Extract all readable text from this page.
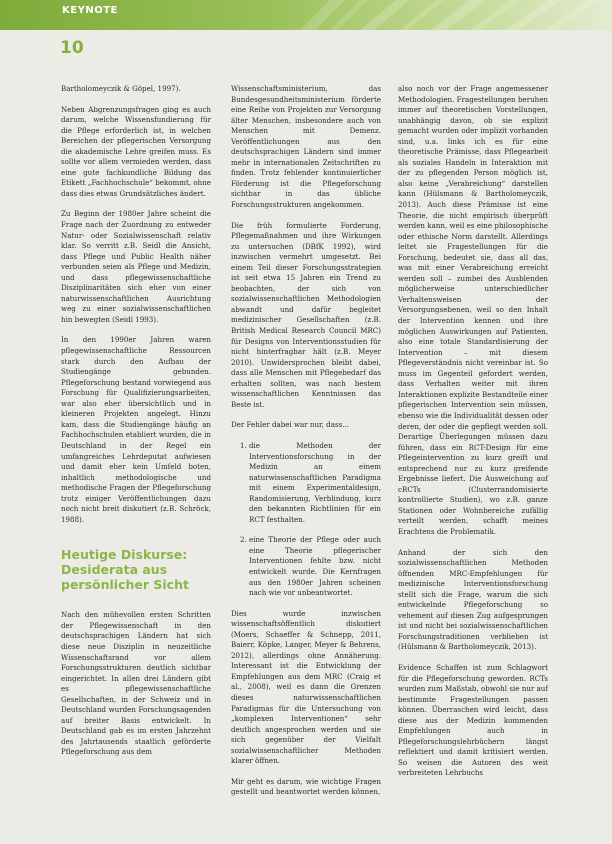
KEYNOTE
10

Bartholomeyczik & Göpel, 1997).

Neben Abgrenzungsfragen ging es auch darum, welche Wissensfundierung für die Pflege erforderlich ist, in welchen Bereichen der pflegerischen Versorgung die akademische Lehre greifen muss. Es sollte vor allem vermieden werden, dass eine gute fachkundliche Bildung das Etikett „Fachhochschule“ bekommt, ohne dass dies etwas Grundsätzliches ändert.

Zu Beginn der 1980er Jahre scheint die Frage nach der Zuordnung zu entweder Natur- oder Sozialwissenschaft relativ klar. So verritt z.B. Seidl die Ansicht, dass Pflege und Public Health näher verbunden seien als Pflege und Medizin, und dass pflegewissenschaftliche Disziplinaritäten sich eher von einer naturwissenschaftlichen Ausrichtung weg zu einer sozialwissenschaftlichen hin bewegten (Seidl 1993).

In den 1990er Jahren waren pflegewissenschaftliche Ressourcen stark durch den Aufbau der Studiengänge gebunden. Pflegeforschung bestand vorwiegend aus Forschung für Qualifizierungsarbeiten, war also eher übersichtlich und in kleineren Projekten angelegt. Hinzu kam, dass die Studiengänge häufig an Fachhochschulen etabliert wurden, die in Deutschland in der Regel ein umfangreiches Lehrdeputat aufwiesen und damit eher kein Umfeld boten, inhaltlich methodologische und methodische Fragen der Pflegeforschung trotz einiger Veröffentlichungen dazu noch nicht breit diskutiert (z.B. Schröck, 1988).

Heutige Diskurse: Desiderata aus persönlicher Sicht

Nach den mühevollen ersten Schritten der Pflegewissenschaft in den deutschsprachigen Ländern hat sich diese neue Disziplin in neuzeitliche Wissenschaftsrand vor allem Forschungsstrukturen deutlich sichtbar eingerichtet. In allen drei Ländern gibt es pflegewissenschaftliche Gesellschaften, in der Schweiz und in Deutschland wurden Forschungsagenden auf breiter Basis entwickelt. In Deutschland gab es im ersten Jahrzehnt des Jahrtausends staatlich geförderte Pflegeforschung aus dem

Wissenschaftsministerium, das Bundesgesundheitsministerium förderte eine Reihe von Projekten zur Versorgung älter Menschen, insbesondere auch von Menschen mit Demenz. Veröffentlichungen aus den deutschsprachigen Ländern sind immer mehr in internationalen Zeitschriften zu finden. Trotz fehlender kontinuierlicher Förderung ist die Pflegeforschung sichtbar in das übliche Forschungsstrukturen angekommen.

Die früh formulierte Forderung, Pflegemaßnahmen und ihre Wirkungen zu untersuchen (DBfK 1992), wird inzwischen vermehrt umgesetzt. Bei einem Teil dieser Forschungsstrategien ist seit etwa 15 Jahren ein Trend zu beobachten, der sich von sozialwissenschaftlichen Methodologien abwandt und dafür begleitet medizinischer Gesellschaften (z.B. British Medical Research Council MRC) für Designs von Interventionsstudien für nicht hinterfragbar hält (z.B. Meyer 2010). Unwidersprochen bleibt dabei, dass alle Menschen mit Pflegebedarf das erhalten sollten, was nach bestem wissenschaftlichen Kenntnissen das Beste ist.

Der Fehler dabei war nur, dass...

1. die Methoden der Interventionsforschung in der Medizin an einem naturwissenschaftlichen Paradigma mit einem Experimentaldesign, Randomisierung, Verblindung, kurz den bekannten Richtlinien für ein RCT festhalten.
2. eine Theorie der Pflege oder auch eine Theorie pflegerischer Interventionen fehlte bzw. nicht entwickelt wurde. Die Kernfragen aus den 1980er Jahren scheinen nach wie vor unbeantwortet.

Dies wurde inzwischen wissenschaftsöffentlich diskutiert (Moers, Schaeffer & Schnepp, 2011, Baierr, Köpke, Langer, Meyer & Behrens, 2012), allerdings ohne Annäherung. Interessant ist die Entwicklung der Empfehlungen aus dem MRC (Craig et al., 2008), weil es dann die Grenzen dieses naturwissenschaftlichen Paradigmas für die Untersuchung von „komplexen Interventionen“ sehr deutlich angesprochen werden und sie sich gegenüber der Vielfalt sozialwissenschaftlicher Methoden klarer öffnen.

Mir geht es darum, wie wichtige Fragen gestellt und beantwortet werden können,

also noch vor der Frage angemessener Methodologien. Fragestellungen beruhen immer auf theoretischen Vorstellungen, unabhängig davon, ob sie explizit gemacht wurden oder implizit vorhanden sind, u.a. links ich es für eine theoretische Prämisse, dass Pflegearbeit als soziales Handeln in Interaktion mit der zu pflegenden Person möglich ist, also keine „Verabreichung“ darstellen kann (Hülsmann & Bartholomeyczik, 2013). Auch diese Prämisse ist eine Theorie, die nicht empirisch überprüft werden kann, weil es eine philosophische oder ethische Norm darstellt. Allerdings leitet sie Fragestellungen für die Forschung, bedeutet sie, dass all das, was mit einer Verabreichung erreicht werden soll – zumbei des Ausblenden möglicherweise unterschiedlicher Verhaltensweisen der Versorgungsebenen, weil so den Inhalt der Intervention kennen und ihre möglichen Auswirkungen auf Patienten, also eine totale Standardisierung der Intervention – mit diesem Pflegeverständnis nicht vereinbar ist. So muss im Gegenteil gefordert werden, dass Verhalten weiter mit ihren Interaktionen explizite Bestandteile einer pflegerischen Intervention sein müssen, ebenso wie die Individualität dessen oder deren, der oder die gepflegt werden soll. Derartige Überlegungen müssen dazu führen, dass ein RCT-Design für eine Pflegeintervention zu kurz greift und entsprechend nur zu kurz greifende Ergebnisse liefert. Die Ausweichung auf cRCTs (Clusterrandomisierte kontrollierte Studien), wo z.B. ganze Stationen oder Wohnbereiche zufällig verteilt werden, schafft meines Erachtens die Problematik.

Anhand der sich den sozialwissenschaftlichen Methoden öffnenden MRC-Empfehlungen für medizinische Interventionsforschung stellt sich die Frage, warum die sich entwickelnde Pflegeforschung so vehement auf diesen Zug aufgesprungen ist und nicht bei sozialwissenschaftlichen Forschungstraditionen verblieben ist (Hülsmann & Bartholomeyczik, 2013).

Evidence Schaffen ist zum Schlagwort für die Pflegeforschung geworden. RCTs wurden zum Maßstab, obwohl sie nur auf bestimmte Fragestellungen passen können. Überraschen wird leicht, dass diese aus der Medizin kommenden Empfehlungen auch in Pflegeforschungslehrbüchern längst reflektiert und damit kritisiert werden. So weisen die Autoren des weit verbreiteten Lehrbuchs
